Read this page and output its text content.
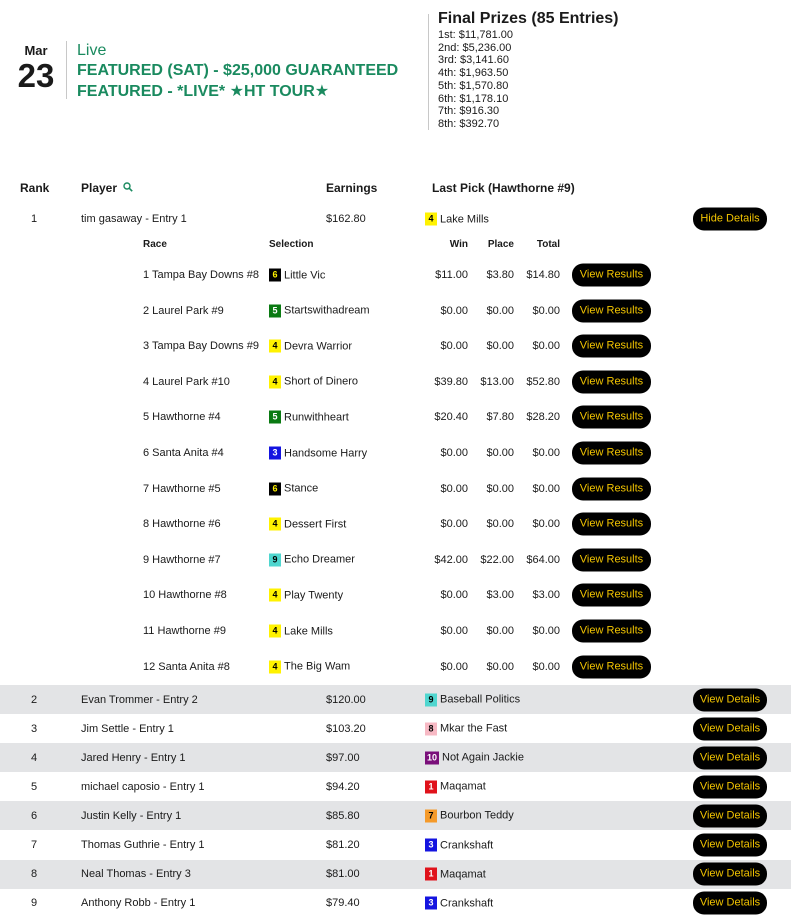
Mar
23
Live
FEATURED (SAT) - $25,000 GUARANTEED
FEATURED - *LIVE* ★HT TOUR★
Final Prizes (85 Entries)
1st: $11,781.00
2nd: $5,236.00
3rd: $3,141.60
4th: $1,963.50
5th: $1,570.80
6th: $1,178.10
7th: $916.30
8th: $392.70
Rank	Player	Earnings	Last Pick (Hawthorne #9)
1	tim gasaway - Entry 1	$162.80	4 Lake Mills	Hide Details
Race	Selection	Win	Place	Total
1 Tampa Bay Downs #8	6 Little Vic	$11.00	$3.80	$14.80	View Results
2 Laurel Park #9	5 Startswithadream	$0.00	$0.00	$0.00	View Results
3 Tampa Bay Downs #9	4 Devra Warrior	$0.00	$0.00	$0.00	View Results
4 Laurel Park #10	4 Short of Dinero	$39.80	$13.00	$52.80	View Results
5 Hawthorne #4	5 Runwithheart	$20.40	$7.80	$28.20	View Results
6 Santa Anita #4	3 Handsome Harry	$0.00	$0.00	$0.00	View Results
7 Hawthorne #5	6 Stance	$0.00	$0.00	$0.00	View Results
8 Hawthorne #6	4 Dessert First	$0.00	$0.00	$0.00	View Results
9 Hawthorne #7	9 Echo Dreamer	$42.00	$22.00	$64.00	View Results
10 Hawthorne #8	4 Play Twenty	$0.00	$3.00	$3.00	View Results
11 Hawthorne #9	4 Lake Mills	$0.00	$0.00	$0.00	View Results
12 Santa Anita #8	4 The Big Wam	$0.00	$0.00	$0.00	View Results
2	Evan Trommer - Entry 2	$120.00	9 Baseball Politics	View Details
3	Jim Settle - Entry 1	$103.20	8 Mkar the Fast	View Details
4	Jared Henry - Entry 1	$97.00	10 Not Again Jackie	View Details
5	michael caposio - Entry 1	$94.20	1 Maqamat	View Details
6	Justin Kelly - Entry 1	$85.80	7 Bourbon Teddy	View Details
7	Thomas Guthrie - Entry 1	$81.20	3 Crankshaft	View Details
8	Neal Thomas - Entry 3	$81.00	1 Maqamat	View Details
9	Anthony Robb - Entry 1	$79.40	3 Crankshaft	View Details
